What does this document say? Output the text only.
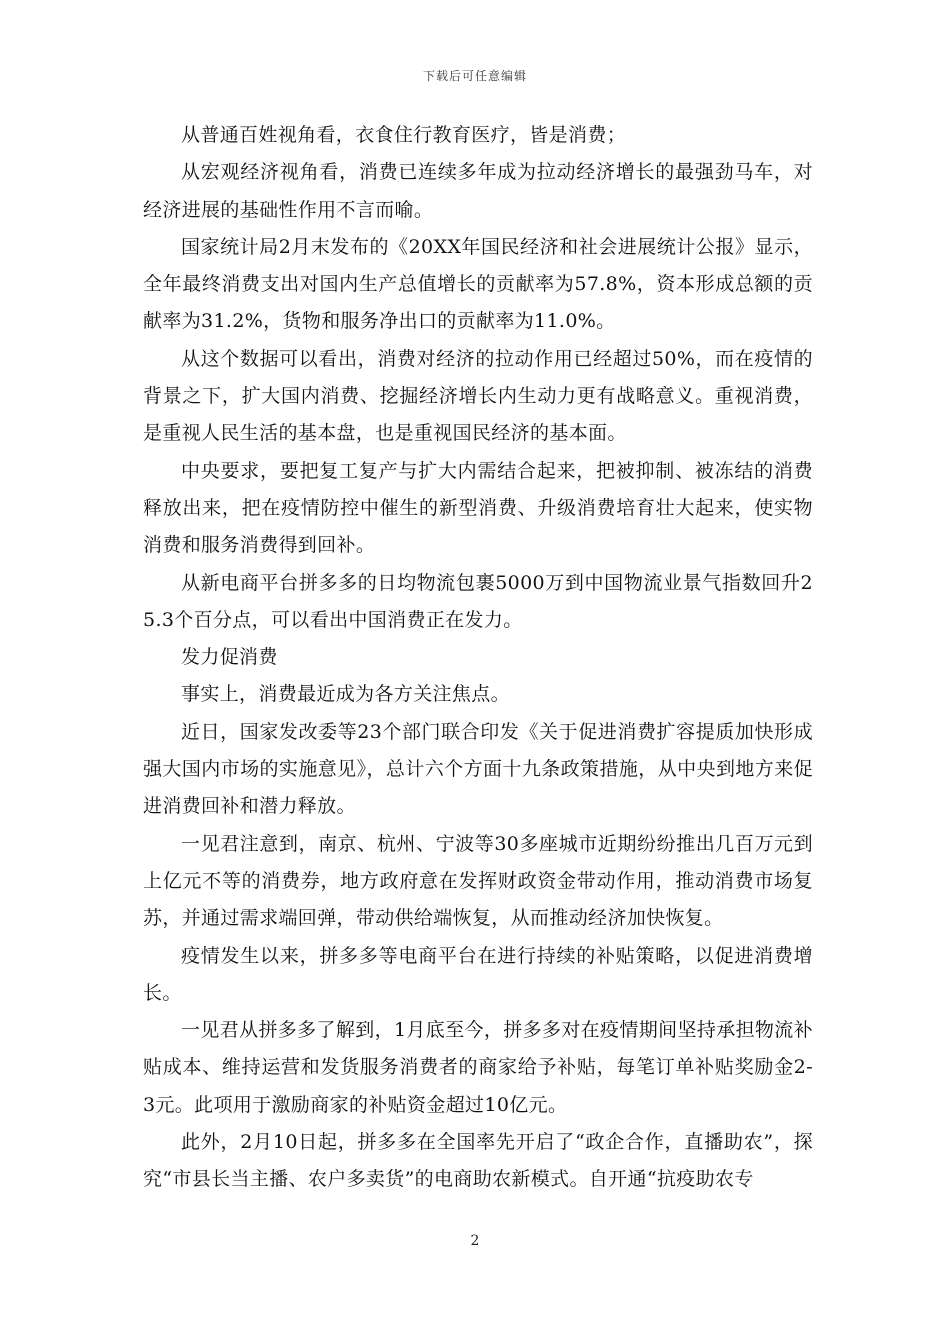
下载后可任意编辑

从普通百姓视角看，衣食住行教育医疗，皆是消费；

从宏观经济视角看，消费已连续多年成为拉动经济增长的最强劲马车，对经济进展的基础性作用不言而喻。

国家统计局2月末发布的《20XX年国民经济和社会进展统计公报》显示，全年最终消费支出对国内生产总值增长的贡献率为57.8%，资本形成总额的贡献率为31.2%，货物和服务净出口的贡献率为11.0%。

从这个数据可以看出，消费对经济的拉动作用已经超过50%，而在疫情的背景之下，扩大国内消费、挖掘经济增长内生动力更有战略意义。重视消费，是重视人民生活的基本盘，也是重视国民经济的基本面。

中央要求，要把复工复产与扩大内需结合起来，把被抑制、被冻结的消费释放出来，把在疫情防控中催生的新型消费、升级消费培育壮大起来，使实物消费和服务消费得到回补。

从新电商平台拼多多的日均物流包裹5000万到中国物流业景气指数回升25.3个百分点，可以看出中国消费正在发力。

发力促消费

事实上，消费最近成为各方关注焦点。

近日，国家发改委等23个部门联合印发《关于促进消费扩容提质加快形成强大国内市场的实施意见》，总计六个方面十九条政策措施，从中央到地方来促进消费回补和潜力释放。

一见君注意到，南京、杭州、宁波等30多座城市近期纷纷推出几百万元到上亿元不等的消费券，地方政府意在发挥财政资金带动作用，推动消费市场复苏，并通过需求端回弹，带动供给端恢复，从而推动经济加快恢复。

疫情发生以来，拼多多等电商平台在进行持续的补贴策略，以促进消费增长。

一见君从拼多多了解到，1月底至今，拼多多对在疫情期间坚持承担物流补贴成本、维持运营和发货服务消费者的商家给予补贴，每笔订单补贴奖励金2-3元。此项用于激励商家的补贴资金超过10亿元。

此外，2月10日起，拼多多在全国率先开启了“政企合作，直播助农”，探究“市县长当主播、农户多卖货”的电商助农新模式。自开通“抗疫助农专

2
